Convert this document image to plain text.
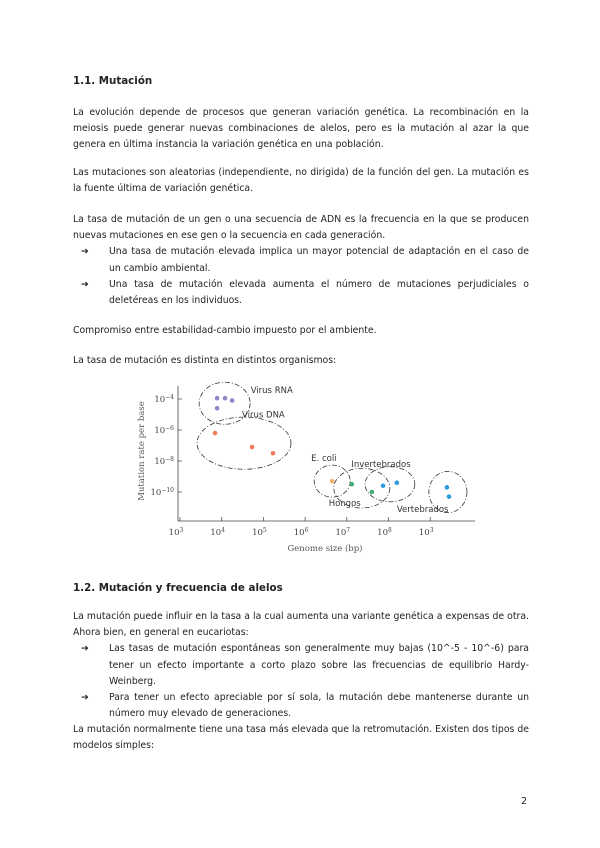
1.1. Mutación
La evolución depende de procesos que generan variación genética. La recombinación en la meiosis puede generar nuevas combinaciones de alelos, pero es la mutación al azar la que genera en última instancia la variación genética en una población.
Las mutaciones son aleatorias (independiente, no dirigida) de la función del gen. La mutación es la fuente última de variación genética.
La tasa de mutación de un gen o una secuencia de ADN es la frecuencia en la que se producen nuevas mutaciones en ese gen o la secuencia en cada generación.
➔ Una tasa de mutación elevada implica un mayor potencial de adaptación en el caso de un cambio ambiental.
➔ Una tasa de mutación elevada aumenta el número de mutaciones perjudiciales o deletéreas en los individuos.
Compromiso entre estabilidad-cambio impuesto por el ambiente.
La tasa de mutación es distinta en distintos organismos:
$10^3$	$10^4$	$10^5$	$10^6$	$10^7$	$10^8$	$10^3$
$10^{-4}$
$10^{-6}$
$10^{-8}$
$10^{-10}$
Genome size (bp)
Mutation rate per base
Virus RNA
Virus DNA
E. coli
Hongos
Invertebrados
Vertebrados
1.2. Mutación y frecuencia de alelos
La mutación puede influir en la tasa a la cual aumenta una variante genética a expensas de otra. Ahora bien, en general en eucariotas:
➔ Las tasas de mutación espontáneas son generalmente muy bajas (10^-5 - 10^-6) para tener un efecto importante a corto plazo sobre las frecuencias de equilibrio Hardy-Weinberg.
➔ Para tener un efecto apreciable por sí sola, la mutación debe mantenerse durante un número muy elevado de generaciones.
La mutación normalmente tiene una tasa más elevada que la retromutación. Existen dos tipos de modelos simples:
2
